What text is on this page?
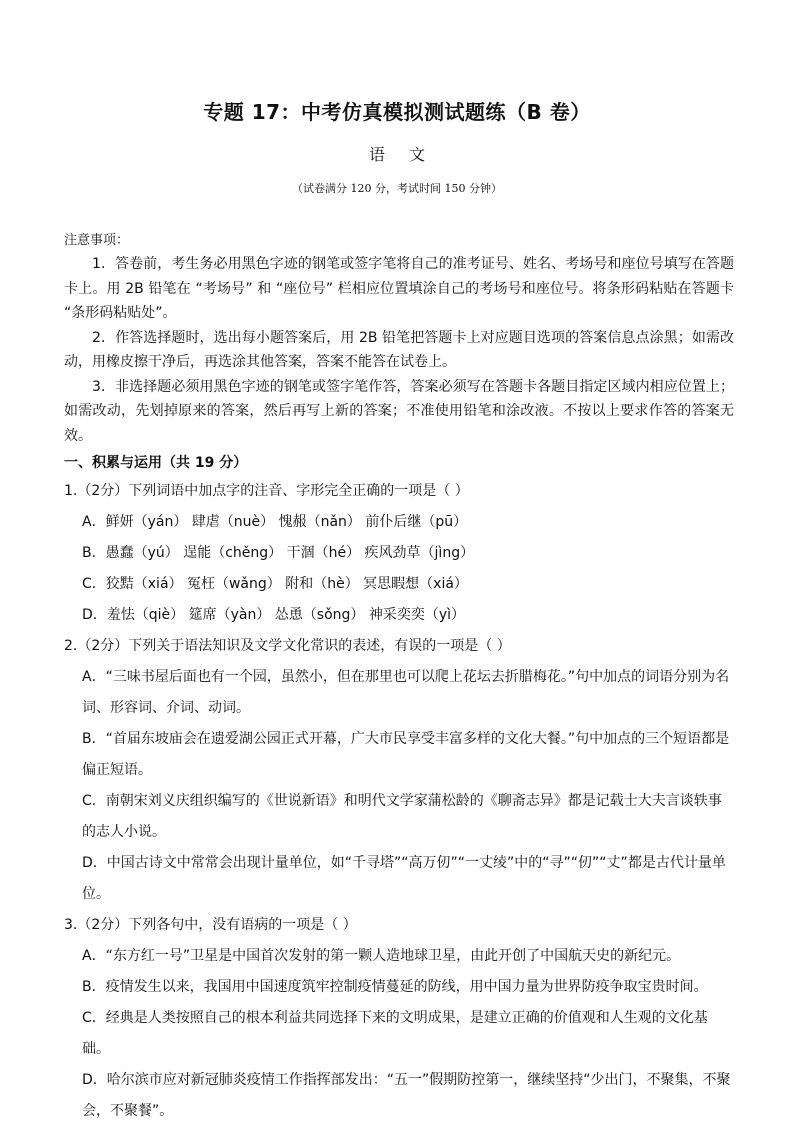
专题 17：中考仿真模拟测试题练（B 卷）
语文
（试卷满分 120 分，考试时间 150 分钟）
注意事项：
1．答卷前，考生务必用黑色字迹的钢笔或签字笔将自己的准考证号、姓名、考场号和座位号填写在答题卡上。用 2B 铅笔在 “考场号” 和 “座位号” 栏相应位置填涂自己的考场号和座位号。将条形码粘贴在答题卡 “条形码粘贴处”。
2．作答选择题时，选出每小题答案后，用 2B 铅笔把答题卡上对应题目选项的答案信息点涂黑；如需改动，用橡皮擦干净后，再选涂其他答案，答案不能答在试卷上。
3．非选择题必须用黑色字迹的钢笔或签字笔作答，答案必须写在答题卡各题目指定区域内相应位置上；如需改动，先划掉原来的答案，然后再写上新的答案；不准使用铅笔和涂改液。不按以上要求作答的答案无效。
一、积累与运用（共 19 分）
1.（2分）下列词语中加点字的注音、字形完全正确的一项是（ ）
A．鲜妍（yán） 肆虐（nuè） 愧赧（nǎn） 前仆后继（pū）
B．愚蠢（yú） 逞能（chěng） 干涸（hé） 疾风劲草（jìng）
C．狡黠（xiá） 冤枉（wǎng） 附和（hè） 冥思睱想（xiá）
D．羞怯（qiè） 筵席（yàn） 怂恿（sǒng） 神采奕奕（yì）
2.（2分）下列关于语法知识及文学文化常识的表述，有误的一项是（ ）
A．“三味书屋后面也有一个园，虽然小，但在那里也可以爬上花坛去折腊梅花。”句中加点的词语分别为名词、形容词、介词、动词。
B．“首届东坡庙会在遗爱湖公园正式开幕，广大市民享受丰富多样的文化大餐。”句中加点的三个短语都是偏正短语。
C．南朝宋刘义庆组织编写的《世说新语》和明代文学家蒲松龄的《聊斋志异》都是记载士大夫言谈轶事的志人小说。
D．中国古诗文中常常会出现计量单位，如“千寻塔”“高万仞”“一丈绫”中的“寻”“仞”“丈”都是古代计量单位。
3.（2分）下列各句中，没有语病的一项是（ ）
A．“东方红一号”卫星是中国首次发射的第一颗人造地球卫星，由此开创了中国航天史的新纪元。
B．疫情发生以来，我国用中国速度筑牢控制疫情蔓延的防线，用中国力量为世界防疫争取宝贵时间。
C．经典是人类按照自己的根本利益共同选择下来的文明成果，是建立正确的价值观和人生观的文化基础。
D．哈尔滨市应对新冠肺炎疫情工作指挥部发出：“五一”假期防控第一，继续坚持“少出门，不聚集，不聚会，不聚餐”。
